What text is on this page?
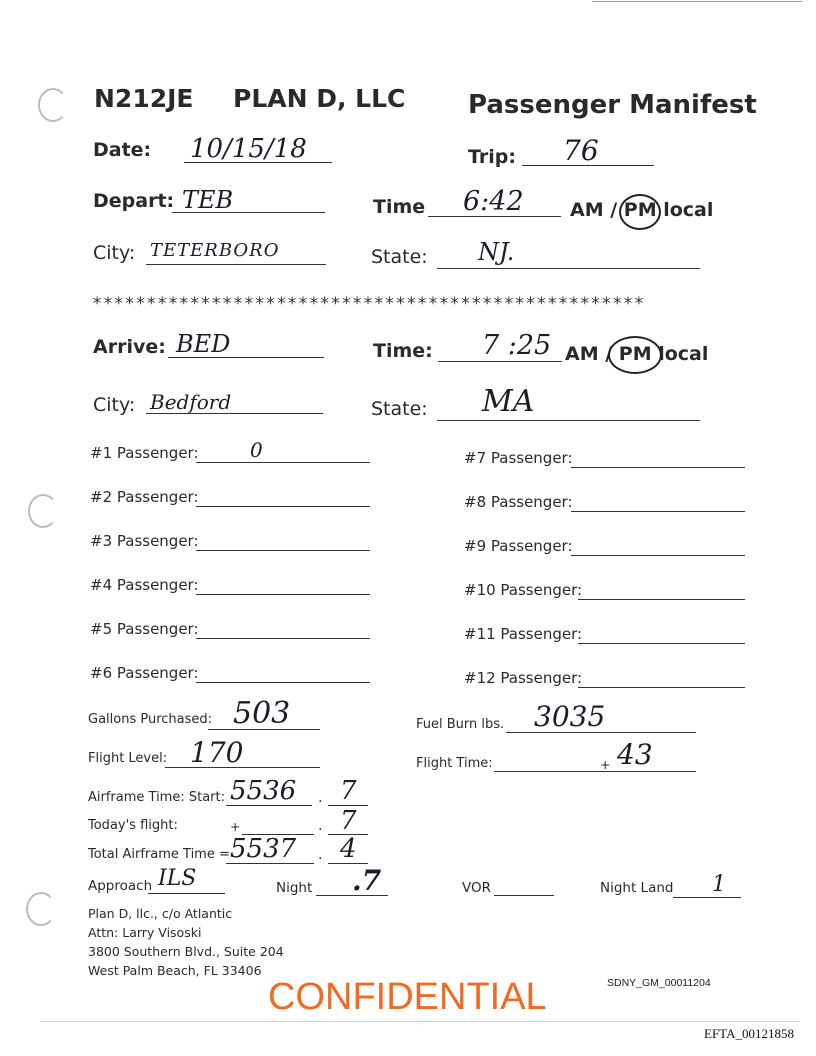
N212JE PLAN D, LLC Passenger Manifest
Date: 10/15/18	Trip: 76
Depart: TEB	Time 6:42 AM / PM local
City: TETERBORO	State: NJ.
***************************************************
Arrive: BED	Time: 7 :25 AM / PM local
City: Bedford	State: MA
#1 Passenger:	0
#2 Passenger:
#3 Passenger:
#4 Passenger:
#5 Passenger:
#6 Passenger:
#7 Passenger:
#8 Passenger:
#9 Passenger:
#10 Passenger:
#11 Passenger:
#12 Passenger:
Gallons Purchased: 503	Fuel Burn lbs. 3035
Flight Level: 170	Flight Time:	+ 43
Airframe Time: Start: 5536 . 7
Today's flight:	+	. 7
Total Airframe Time = 5537 . 4
Approach ILS	Night .7	VOR	Night Land 1
Plan D, llc., c/o Atlantic
Attn: Larry Visoski
3800 Southern Blvd., Suite 204
West Palm Beach, FL 33406
CONFIDENTIAL	SDNY_GM_00011204
EFTA_00121858
